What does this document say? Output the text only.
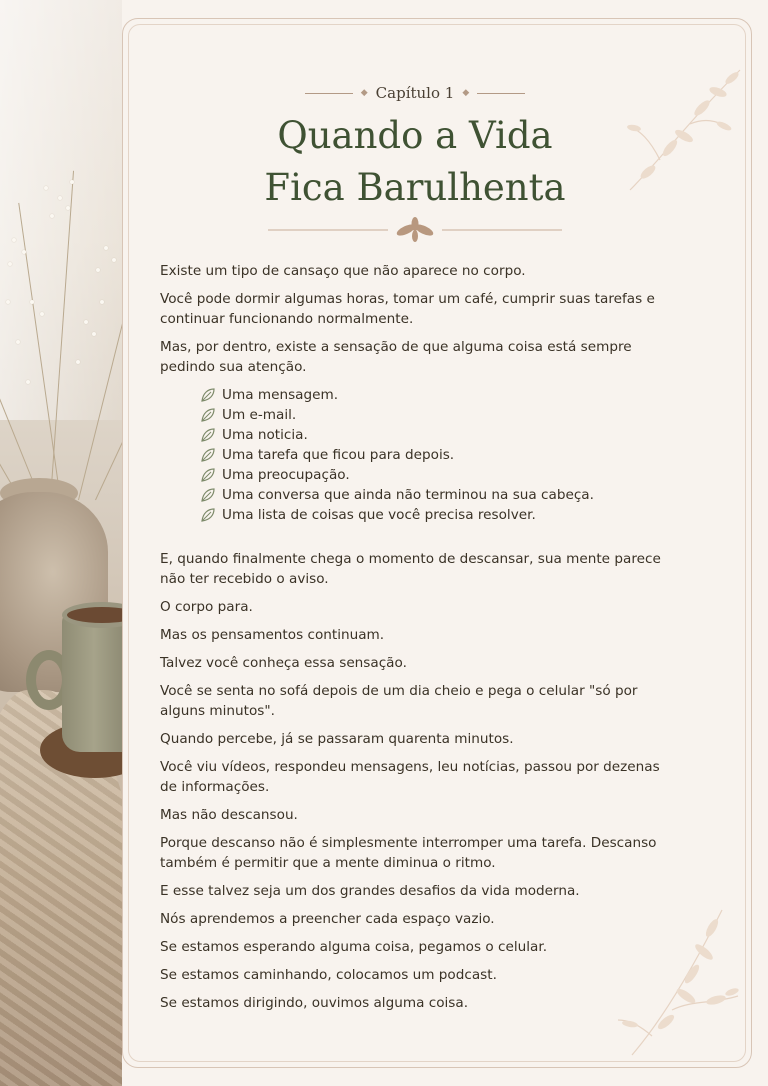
◆ Capítulo 1 ◆
Quando a Vida
Fica Barulhenta

Existe um tipo de cansaço que não aparece no corpo.

Você pode dormir algumas horas, tomar um café, cumprir suas tarefas e continuar funcionando normalmente.

Mas, por dentro, existe a sensação de que alguma coisa está sempre pedindo sua atenção.

Uma mensagem.
Um e-mail.
Uma noticia.
Uma tarefa que ficou para depois.
Uma preocupação.
Uma conversa que ainda não terminou na sua cabeça.
Uma lista de coisas que você precisa resolver.

E, quando finalmente chega o momento de descansar, sua mente parece não ter recebido o aviso.

O corpo para.

Mas os pensamentos continuam.

Talvez você conheça essa sensação.

Você se senta no sofá depois de um dia cheio e pega o celular "só por alguns minutos".

Quando percebe, já se passaram quarenta minutos.

Você viu vídeos, respondeu mensagens, leu notícias, passou por dezenas de informações.

Mas não descansou.

Porque descanso não é simplesmente interromper uma tarefa. Descanso também é permitir que a mente diminua o ritmo.

E esse talvez seja um dos grandes desafios da vida moderna.

Nós aprendemos a preencher cada espaço vazio.

Se estamos esperando alguma coisa, pegamos o celular.

Se estamos caminhando, colocamos um podcast.

Se estamos dirigindo, ouvimos alguma coisa.
